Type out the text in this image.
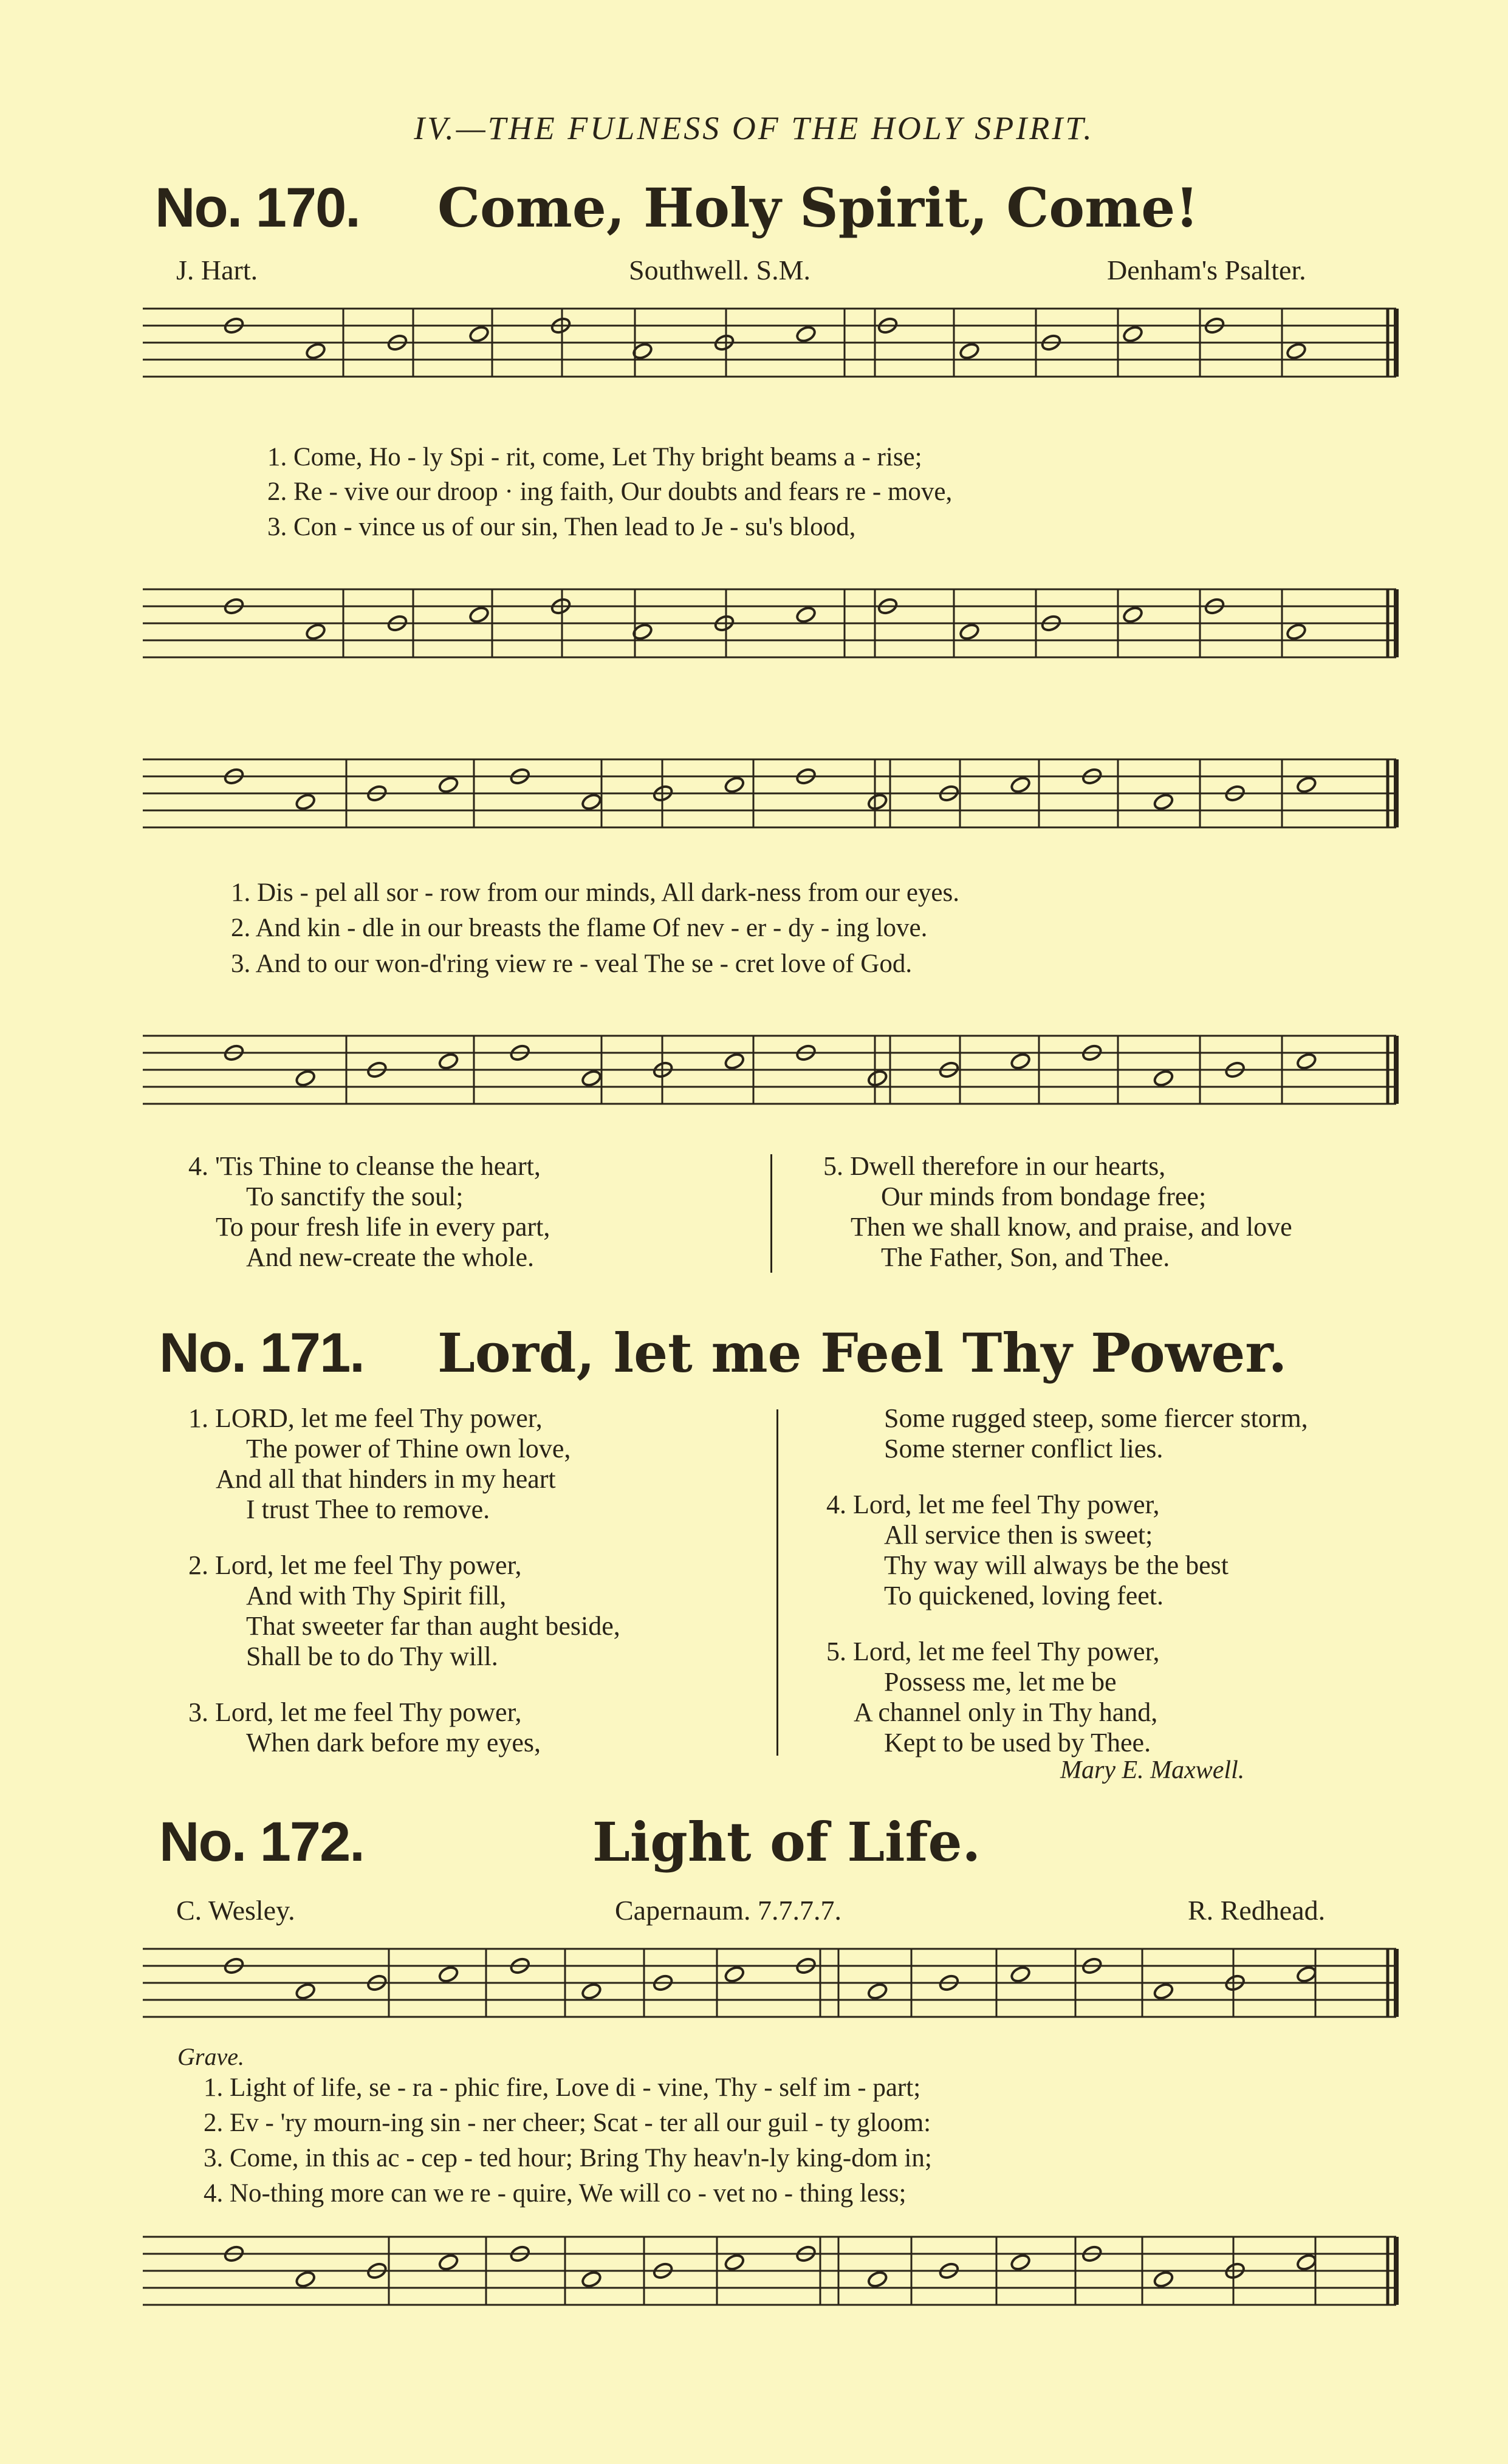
IV.—THE FULNESS OF THE HOLY SPIRIT.
No. 170. Come, Holy Spirit, Come!
J. Hart.	Southwell. S.M.	Denham's Psalter.
1. Come, Ho - ly Spi - rit, come, Let Thy bright beams a - rise;
2. Re - vive our droop · ing faith, Our doubts and fears re - move,
3. Con - vince us of our sin, Then lead to Je - su's blood,
1. Dis - pel all sor - row from our minds, All dark-ness from our eyes.
2. And kin - dle in our breasts the flame Of nev - er - dy - ing love.
3. And to our won-d'ring view re - veal The se - cret love of God.
4. 'Tis Thine to cleanse the heart,
To sanctify the soul;
To pour fresh life in every part,
And new-create the whole.
5. Dwell therefore in our hearts,
Our minds from bondage free;
Then we shall know, and praise, and love
The Father, Son, and Thee.
No. 171. Lord, let me Feel Thy Power.
1. LORD, let me feel Thy power,
The power of Thine own love,
And all that hinders in my heart
I trust Thee to remove.
2. Lord, let me feel Thy power,
And with Thy Spirit fill,
That sweeter far than aught beside,
Shall be to do Thy will.
3. Lord, let me feel Thy power,
When dark before my eyes,
Some rugged steep, some fiercer storm,
Some sterner conflict lies.
4. Lord, let me feel Thy power,
All service then is sweet;
Thy way will always be the best
To quickened, loving feet.
5. Lord, let me feel Thy power,
Possess me, let me be
A channel only in Thy hand,
Kept to be used by Thee.
Mary E. Maxwell.
No. 172.	Light of Life.
C. Wesley.	Capernaum. 7.7.7.7.	R. Redhead.
Grave.
1. Light of life, se - ra - phic fire, Love di - vine, Thy - self im - part;
2. Ev - 'ry mourn-ing sin - ner cheer; Scat - ter all our guil - ty gloom:
3. Come, in this ac - cep - ted hour; Bring Thy heav'n-ly king-dom in;
4. No-thing more can we re - quire, We will co - vet no - thing less;
